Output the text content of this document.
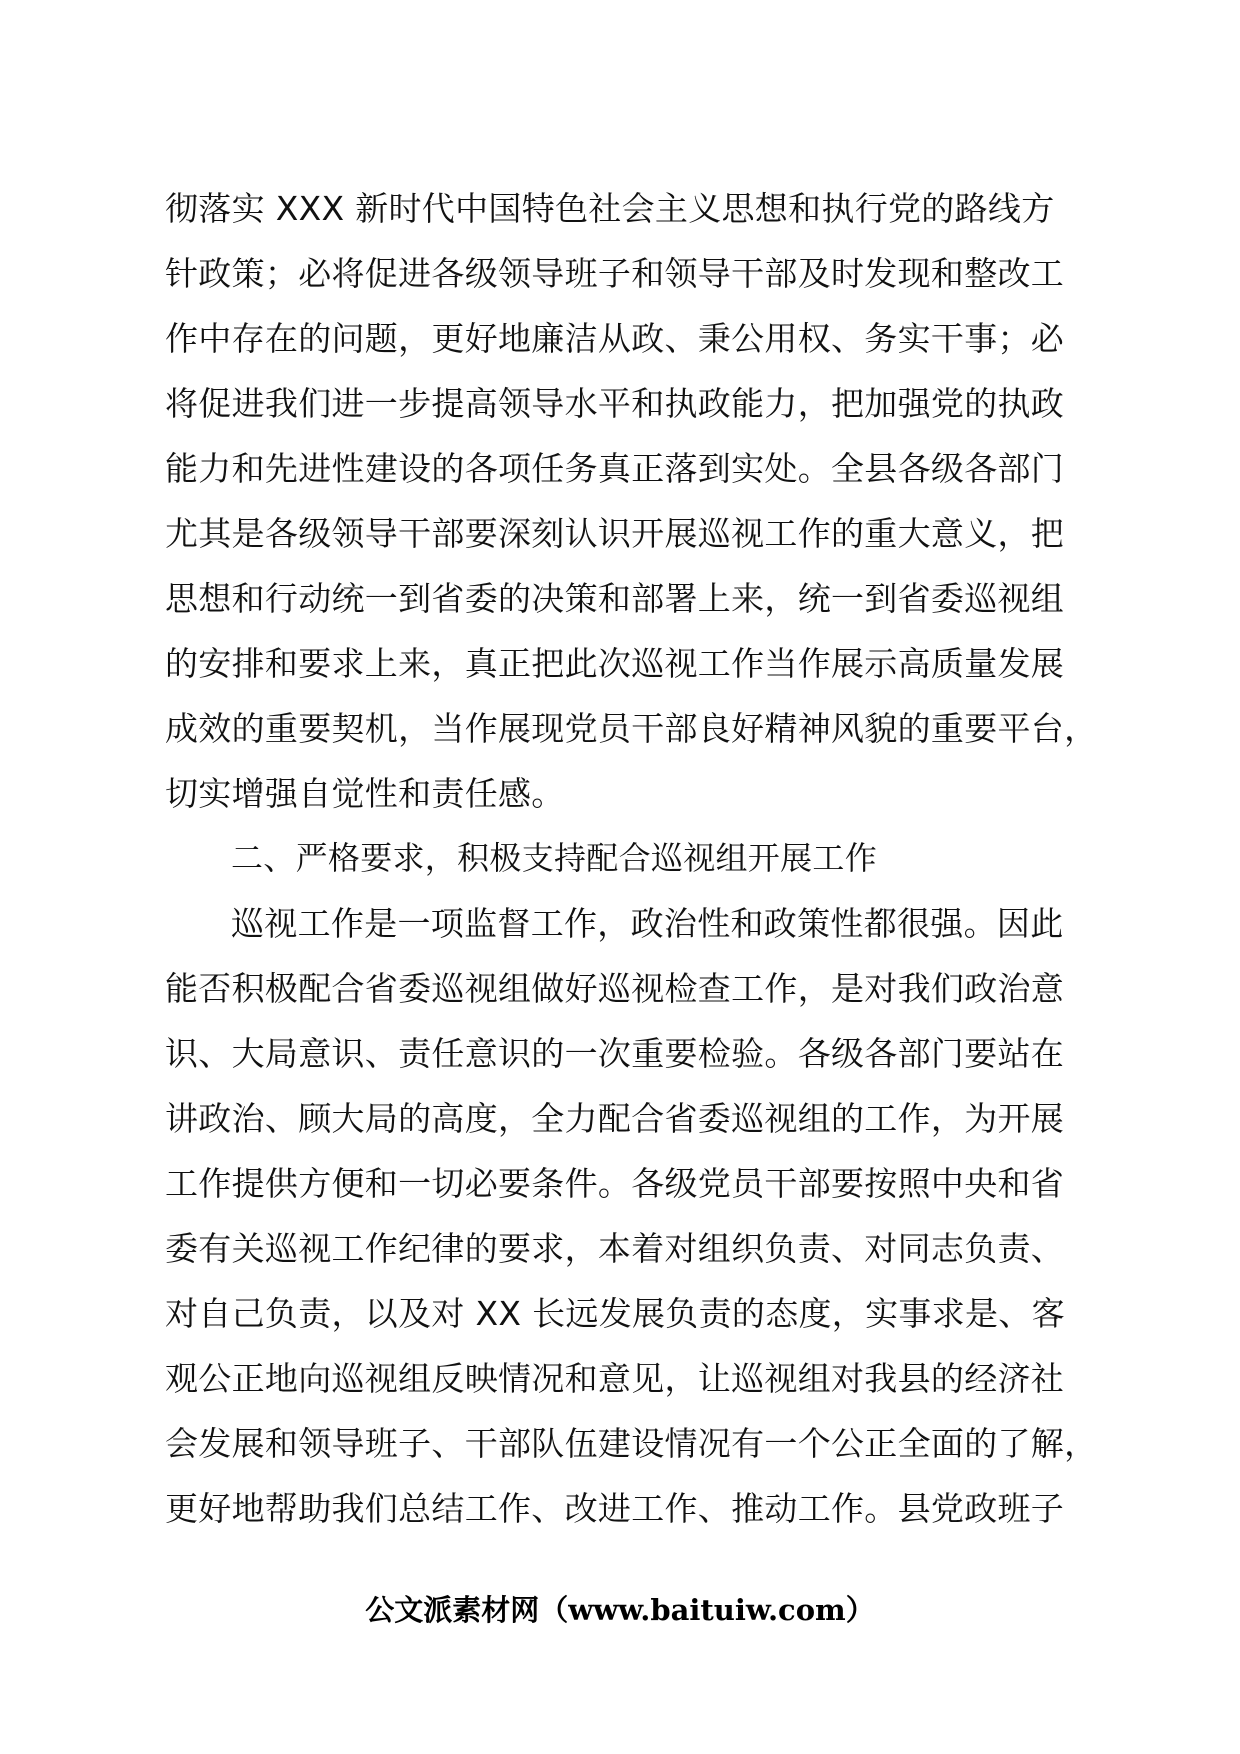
彻落实 XXX 新时代中国特色社会主义思想和执行党的路线方
针政策；必将促进各级领导班子和领导干部及时发现和整改工
作中存在的问题，更好地廉洁从政、秉公用权、务实干事；必
将促进我们进一步提高领导水平和执政能力，把加强党的执政
能力和先进性建设的各项任务真正落到实处。全县各级各部门
尤其是各级领导干部要深刻认识开展巡视工作的重大意义，把
思想和行动统一到省委的决策和部署上来，统一到省委巡视组
的安排和要求上来，真正把此次巡视工作当作展示高质量发展
成效的重要契机，当作展现党员干部良好精神风貌的重要平台，
切实增强自觉性和责任感。
二、严格要求，积极支持配合巡视组开展工作
巡视工作是一项监督工作，政治性和政策性都很强。因此
能否积极配合省委巡视组做好巡视检查工作，是对我们政治意
识、大局意识、责任意识的一次重要检验。各级各部门要站在
讲政治、顾大局的高度，全力配合省委巡视组的工作，为开展
工作提供方便和一切必要条件。各级党员干部要按照中央和省
委有关巡视工作纪律的要求，本着对组织负责、对同志负责、
对自己负责，以及对 XX 长远发展负责的态度，实事求是、客
观公正地向巡视组反映情况和意见，让巡视组对我县的经济社
会发展和领导班子、干部队伍建设情况有一个公正全面的了解，
更好地帮助我们总结工作、改进工作、推动工作。县党政班子
公文派素材网（www.baituiw.com）
